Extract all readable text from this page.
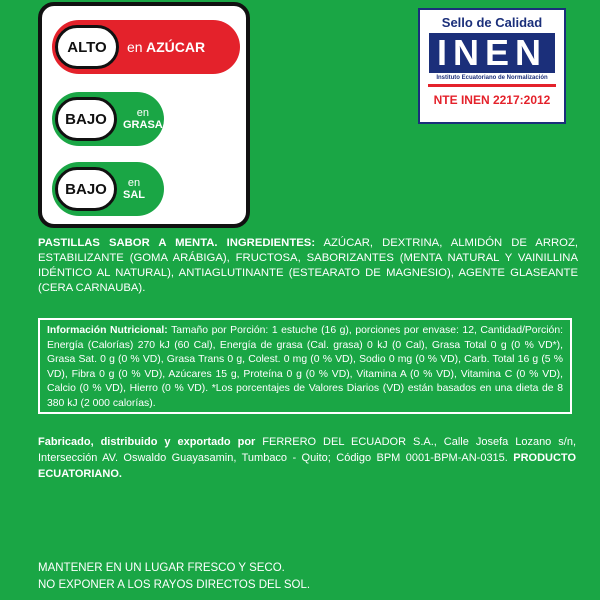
ALTO	en AZÚCAR
BAJO	en
GRASA
BAJO	en
SAL
Sello de Calidad
INEN
Instituto Ecuatoriano de Normalización
NTE INEN 2217:2012
PASTILLAS SABOR A MENTA. INGREDIENTES: AZÚCAR, DEXTRINA, ALMIDÓN DE ARROZ, ESTABILIZANTE (GOMA ARÁBIGA), FRUCTOSA, SABORIZANTES (MENTA NATURAL Y VAINILLINA IDÉNTICO AL NATURAL), ANTIAGLUTINANTE (ESTEARATO DE MAGNESIO), AGENTE GLASEANTE (CERA CARNAUBA).
Información Nutricional: Tamaño por Porción: 1 estuche (16 g), porciones por envase: 12, Cantidad/Porción: Energía (Calorías) 270 kJ (60 Cal), Energía de grasa (Cal. grasa) 0 kJ (0 Cal), Grasa Total 0 g (0 % VD*), Grasa Sat. 0 g (0 % VD), Grasa Trans 0 g, Colest. 0 mg (0 % VD), Sodio 0 mg (0 % VD), Carb. Total 16 g (5 % VD), Fibra 0 g (0 % VD), Azúcares 15 g, Proteína 0 g (0 % VD), Vitamina A (0 % VD), Vitamina C (0 % VD), Calcio (0 % VD), Hierro (0 % VD). *Los porcentajes de Valores Diarios (VD) están basados en una dieta de 8 380 kJ (2 000 calorías).
Fabricado, distribuido y exportado por FERRERO DEL ECUADOR S.A., Calle Josefa Lozano s/n, Intersección AV. Oswaldo Guayasamin, Tumbaco - Quito; Código BPM 0001-BPM-AN-0315. PRODUCTO ECUATORIANO.
MANTENER EN UN LUGAR FRESCO Y SECO.
NO EXPONER A LOS RAYOS DIRECTOS DEL SOL.
